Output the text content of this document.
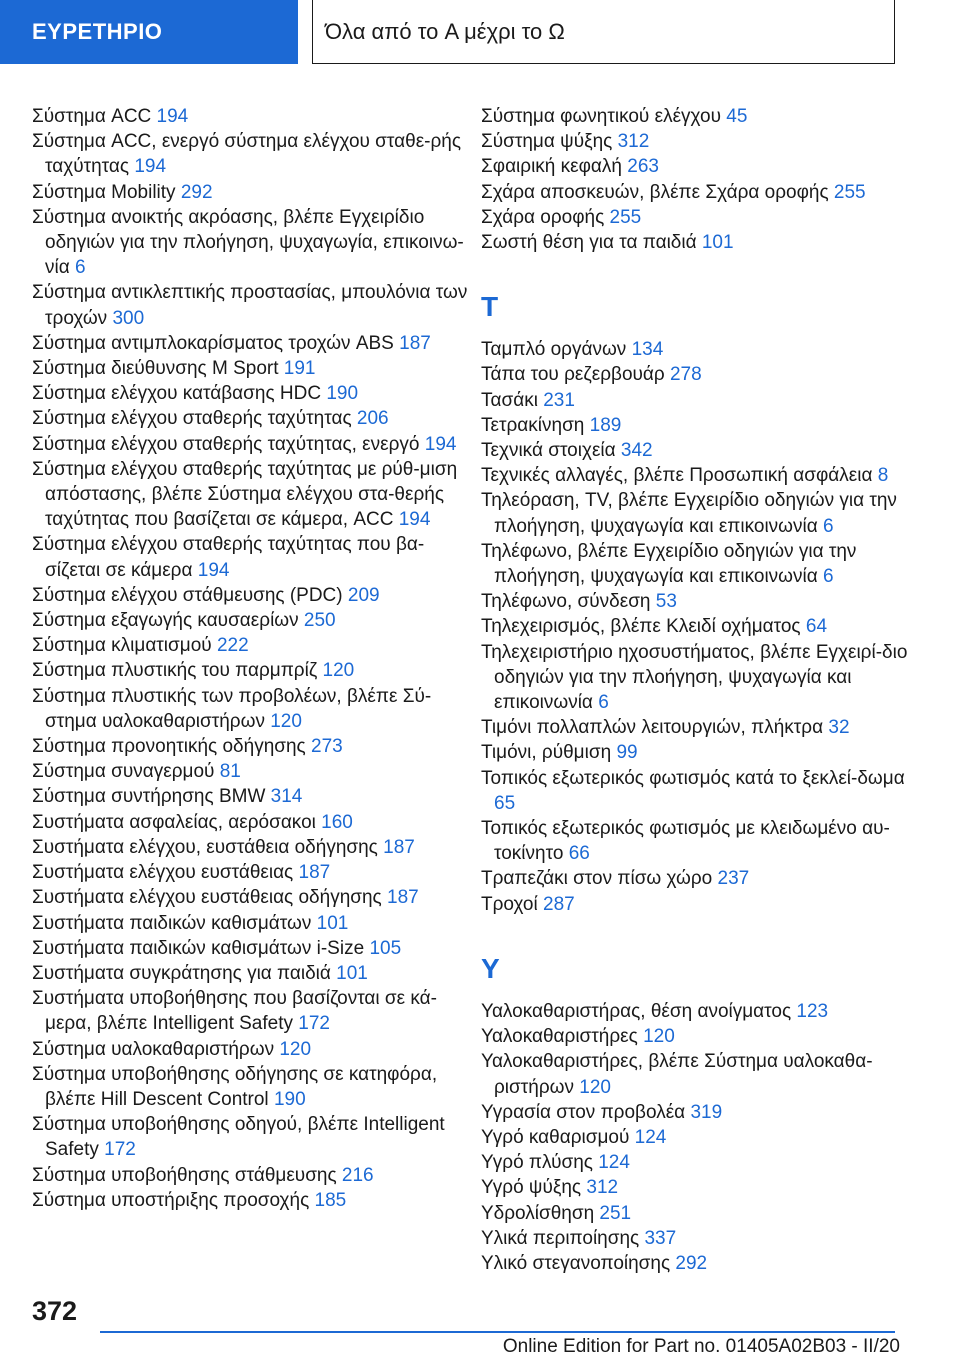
ΕΥΡΕΤΗΡΙΟ	Όλα από το A μέχρι το Ω

Σύστημα ACC 194

Σύστημα ACC, ενεργό σύστημα ελέγχου σταθε-ρής ταχύτητας 194

Σύστημα Mobility 292

Σύστημα ανοικτής ακρόασης, βλέπε Εγχειρίδιο οδηγιών για την πλοήγηση, ψυχαγωγία, επικοινω-νία 6

Σύστημα αντικλεπτικής προστασίας, μπουλόνια των τροχών 300

Σύστημα αντιμπλοκαρίσματος τροχών ABS 187

Σύστημα διεύθυνσης M Sport 191

Σύστημα ελέγχου κατάβασης HDC 190

Σύστημα ελέγχου σταθερής ταχύτητας 206

Σύστημα ελέγχου σταθερής ταχύτητας, ενεργό 194

Σύστημα ελέγχου σταθερής ταχύτητας με ρύθ-μιση απόστασης, βλέπε Σύστημα ελέγχου στα-θερής ταχύτητας που βασίζεται σε κάμερα, ACC 194

Σύστημα ελέγχου σταθερής ταχύτητας που βα-σίζεται σε κάμερα 194

Σύστημα ελέγχου στάθμευσης (PDC) 209

Σύστημα εξαγωγής καυσαερίων 250

Σύστημα κλιματισμού 222

Σύστημα πλυστικής του παρμπρίζ 120

Σύστημα πλυστικής των προβολέων, βλέπε Σύ-στημα υαλοκαθαριστήρων 120

Σύστημα προνοητικής οδήγησης 273

Σύστημα συναγερμού 81

Σύστημα συντήρησης BMW 314

Συστήματα ασφαλείας, αερόσακοι 160

Συστήματα ελέγχου, ευστάθεια οδήγησης 187

Συστήματα ελέγχου ευστάθειας 187

Συστήματα ελέγχου ευστάθειας οδήγησης 187

Συστήματα παιδικών καθισμάτων 101

Συστήματα παιδικών καθισμάτων i-Size 105

Συστήματα συγκράτησης για παιδιά 101

Συστήματα υποβοήθησης που βασίζονται σε κά-μερα, βλέπε Intelligent Safety 172

Σύστημα υαλοκαθαριστήρων 120

Σύστημα υποβοήθησης οδήγησης σε κατηφόρα, βλέπε Hill Descent Control 190

Σύστημα υποβοήθησης οδηγού, βλέπε Intelligent Safety 172

Σύστημα υποβοήθησης στάθμευσης 216

Σύστημα υποστήριξης προσοχής 185

Σύστημα φωνητικού ελέγχου 45

Σύστημα ψύξης 312

Σφαιρική κεφαλή 263

Σχάρα αποσκευών, βλέπε Σχάρα οροφής 255

Σχάρα οροφής 255

Σωστή θέση για τα παιδιά 101

T

Ταμπλό οργάνων 134

Τάπα του ρεζερβουάρ 278

Τασάκι 231

Τετρακίνηση 189

Τεχνικά στοιχεία 342

Τεχνικές αλλαγές, βλέπε Προσωπική ασφάλεια 8

Τηλεόραση, TV, βλέπε Εγχειρίδιο οδηγιών για την πλοήγηση, ψυχαγωγία και επικοινωνία 6

Τηλέφωνο, βλέπε Εγχειρίδιο οδηγιών για την πλοήγηση, ψυχαγωγία και επικοινωνία 6

Τηλέφωνο, σύνδεση 53

Τηλεχειρισμός, βλέπε Κλειδί οχήματος 64

Τηλεχειριστήριο ηχοσυστήματος, βλέπε Εγχειρί-διο οδηγιών για την πλοήγηση, ψυχαγωγία και επικοινωνία 6

Τιμόνι πολλαπλών λειτουργιών, πλήκτρα 32

Τιμόνι, ρύθμιση 99

Τοπικός εξωτερικός φωτισμός κατά το ξεκλεί-δωμα 65

Τοπικός εξωτερικός φωτισμός με κλειδωμένο αυ-τοκίνητο 66

Τραπεζάκι στον πίσω χώρο 237

Τροχοί 287

Y

Υαλοκαθαριστήρας, θέση ανοίγματος 123

Υαλοκαθαριστήρες 120

Υαλοκαθαριστήρες, βλέπε Σύστημα υαλοκαθα-ριστήρων 120

Υγρασία στον προβολέα 319

Υγρό καθαρισμού 124

Υγρό πλύσης 124

Υγρό ψύξης 312

Υδρολίσθηση 251

Υλικά περιποίησης 337

Υλικό στεγανοποίησης 292

372
Online Edition for Part no. 01405A02B03 - II/20
